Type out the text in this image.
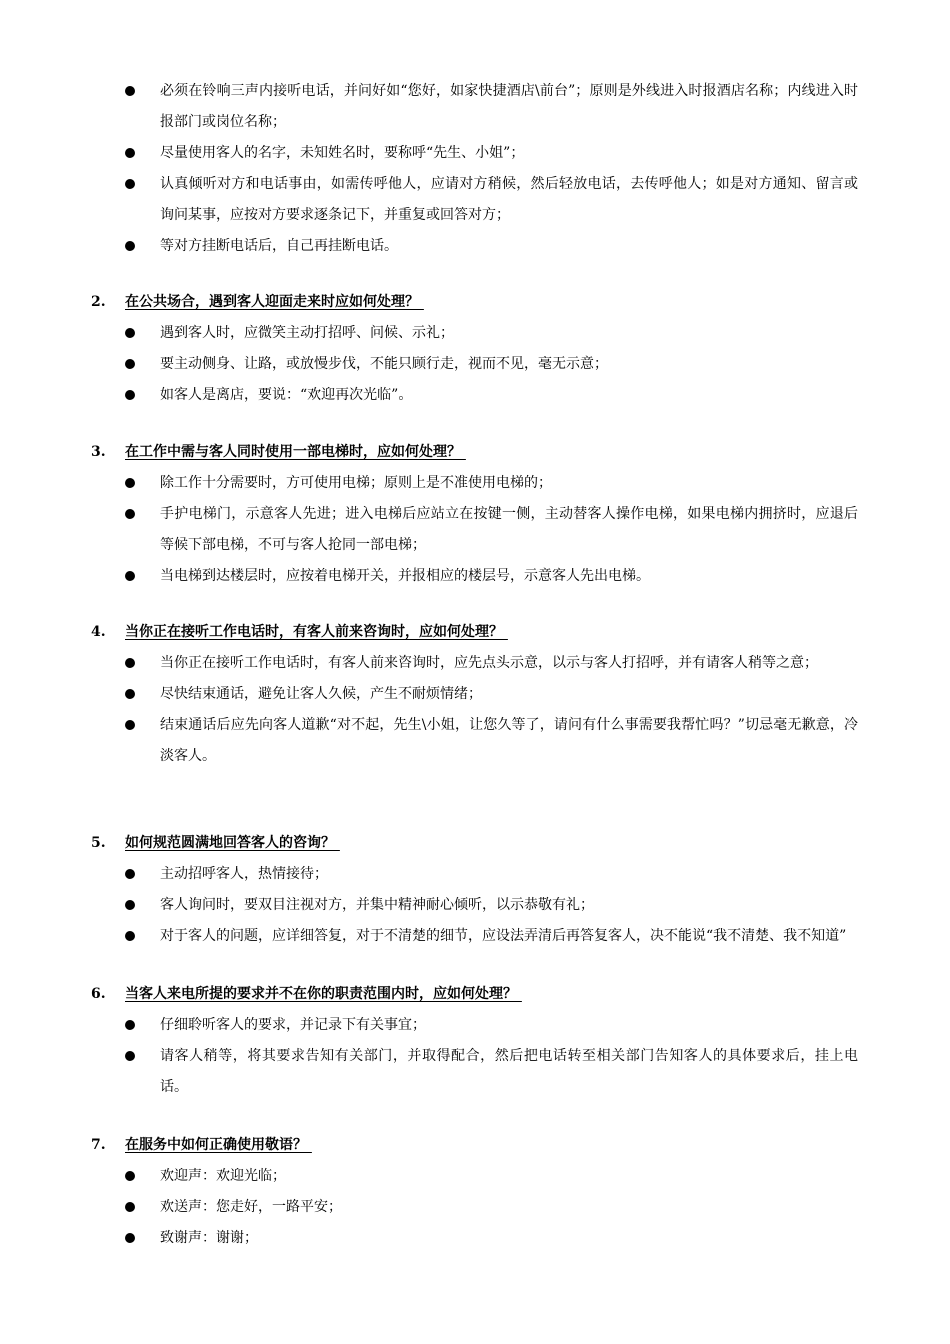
必须在铃响三声内接听电话，并问好如“您好，如家快捷酒店\前台”；原则是外线进入时报酒店名称；内线进入时报部门或岗位名称；
尽量使用客人的名字，未知姓名时，要称呼“先生、小姐”；
认真倾听对方和电话事由，如需传呼他人，应请对方稍候，然后轻放电话，去传呼他人；如是对方通知、留言或询问某事，应按对方要求逐条记下，并重复或回答对方；
等对方挂断电话后，自己再挂断电话。
2. 在公共场合，遇到客人迎面走来时应如何处理？
遇到客人时，应微笑主动打招呼、问候、示礼；
要主动侧身、让路，或放慢步伐，不能只顾行走，视而不见，毫无示意；
如客人是离店，要说：“欢迎再次光临”。
3. 在工作中需与客人同时使用一部电梯时，应如何处理？
除工作十分需要时，方可使用电梯；原则上是不准使用电梯的；
手护电梯门，示意客人先进；进入电梯后应站立在按键一侧，主动替客人操作电梯，如果电梯内拥挤时，应退后等候下部电梯，不可与客人抢同一部电梯；
当电梯到达楼层时，应按着电梯开关，并报相应的楼层号，示意客人先出电梯。
4. 当你正在接听工作电话时，有客人前来咨询时，应如何处理？
当你正在接听工作电话时，有客人前来咨询时，应先点头示意，以示与客人打招呼，并有请客人稍等之意；
尽快结束通话，避免让客人久候，产生不耐烦情绪；
结束通话后应先向客人道歉“对不起，先生\小姐，让您久等了，请问有什么事需要我帮忙吗？”切忌毫无歉意，冷淡客人。
5. 如何规范圆满地回答客人的咨询？
主动招呼客人，热情接待；
客人询问时，要双目注视对方，并集中精神耐心倾听，以示恭敬有礼；
对于客人的问题，应详细答复，对于不清楚的细节，应设法弄清后再答复客人，决不能说“我不清楚、我不知道”
6. 当客人来电所提的要求并不在你的职责范围内时，应如何处理？
仔细聆听客人的要求，并记录下有关事宜；
请客人稍等，将其要求告知有关部门，并取得配合，然后把电话转至相关部门告知客人的具体要求后，挂上电话。
7. 在服务中如何正确使用敬语？
欢迎声：欢迎光临；
欢送声：您走好，一路平安；
致谢声：谢谢；
